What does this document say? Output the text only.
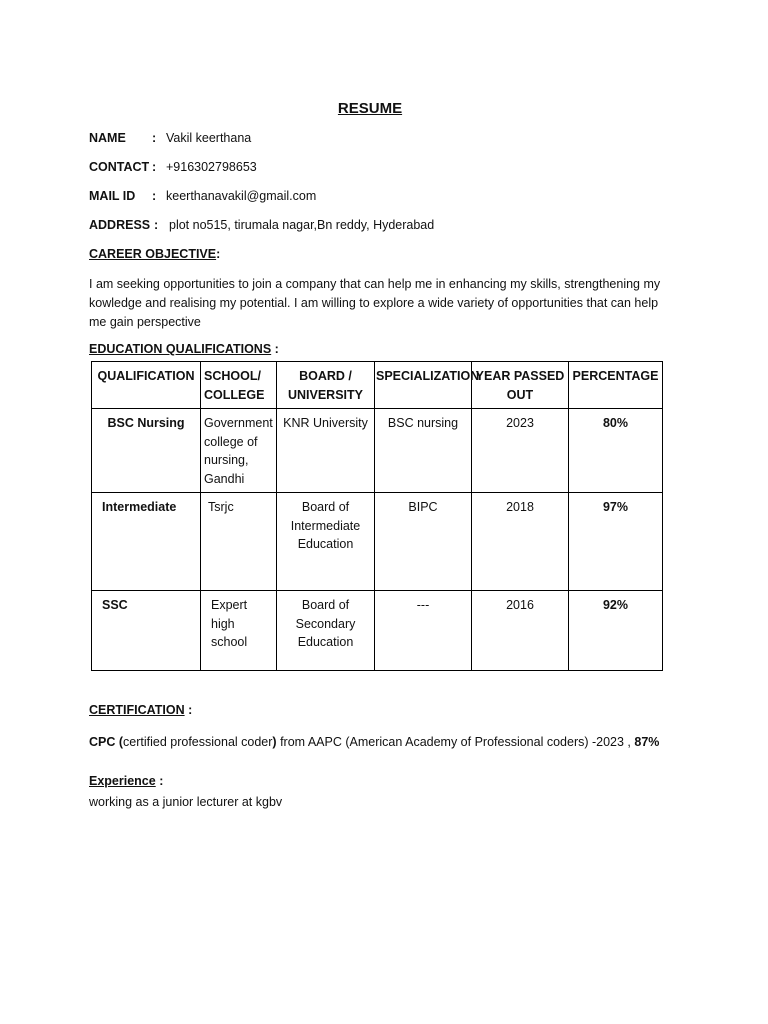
RESUME
NAME : Vakil keerthana
CONTACT : +916302798653
MAIL ID : keerthanavakil@gmail.com
ADDRESS : plot no515, tirumala nagar,Bn reddy, Hyderabad
CAREER OBJECTIVE:
I am seeking opportunities to join a company that can help me in enhancing my skills, strengthening my kowledge and realising my potential. I am willing to explore a wide variety of opportunities that can help me gain perspective
EDUCATION QUALIFICATIONS :
QUALIFICATION	SCHOOL/ COLLEGE	BOARD / UNIVERSITY	SPECIALIZATION	YEAR PASSED OUT	PERCENTAGE
BSC Nursing	Government college of nursing, Gandhi	KNR University	BSC nursing	2023	80%
Intermediate	Tsrjc	Board of Intermediate Education	BIPC	2018	97%
SSC	Expert high school	Board of Secondary Education	---	2016	92%
CERTIFICATION :
CPC (certified professional coder) from AAPC (American Academy of Professional coders) -2023 , 87%
Experience :
working as a junior lecturer at kgbv
